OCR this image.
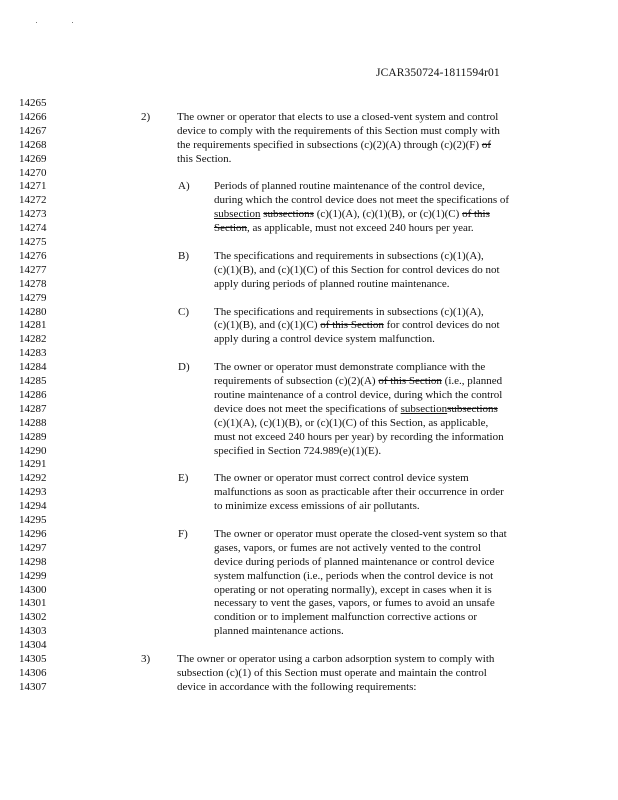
JCAR350724-1811594r01
14265
14266	2) The owner or operator that elects to use a closed-vent system and control
14267	device to comply with the requirements of this Section must comply with
14268	the requirements specified in subsections (c)(2)(A) through (c)(2)(F) of
14269	this Section.
14270
14271	A) Periods of planned routine maintenance of the control device,
14272	during which the control device does not meet the specifications of
14273	subsection subsections (c)(1)(A), (c)(1)(B), or (c)(1)(C) of this
14274	Section, as applicable, must not exceed 240 hours per year.
14275
14276	B) The specifications and requirements in subsections (c)(1)(A),
14277	(c)(1)(B), and (c)(1)(C) of this Section for control devices do not
14278	apply during periods of planned routine maintenance.
14279
14280	C) The specifications and requirements in subsections (c)(1)(A),
14281	(c)(1)(B), and (c)(1)(C) of this Section for control devices do not
14282	apply during a control device system malfunction.
14283
14284	D) The owner or operator must demonstrate compliance with the
14285	requirements of subsection (c)(2)(A) of this Section (i.e., planned
14286	routine maintenance of a control device, during which the control
14287	device does not meet the specifications of subsectionsubsections
14288	(c)(1)(A), (c)(1)(B), or (c)(1)(C) of this Section, as applicable,
14289	must not exceed 240 hours per year) by recording the information
14290	specified in Section 724.989(e)(1)(E).
14291
14292	E) The owner or operator must correct control device system
14293	malfunctions as soon as practicable after their occurrence in order
14294	to minimize excess emissions of air pollutants.
14295
14296	F) The owner or operator must operate the closed-vent system so that
14297	gases, vapors, or fumes are not actively vented to the control
14298	device during periods of planned maintenance or control device
14299	system malfunction (i.e., periods when the control device is not
14300	operating or not operating normally), except in cases when it is
14301	necessary to vent the gases, vapors, or fumes to avoid an unsafe
14302	condition or to implement malfunction corrective actions or
14303	planned maintenance actions.
14304
14305	3) The owner or operator using a carbon adsorption system to comply with
14306	subsection (c)(1) of this Section must operate and maintain the control
14307	device in accordance with the following requirements:
